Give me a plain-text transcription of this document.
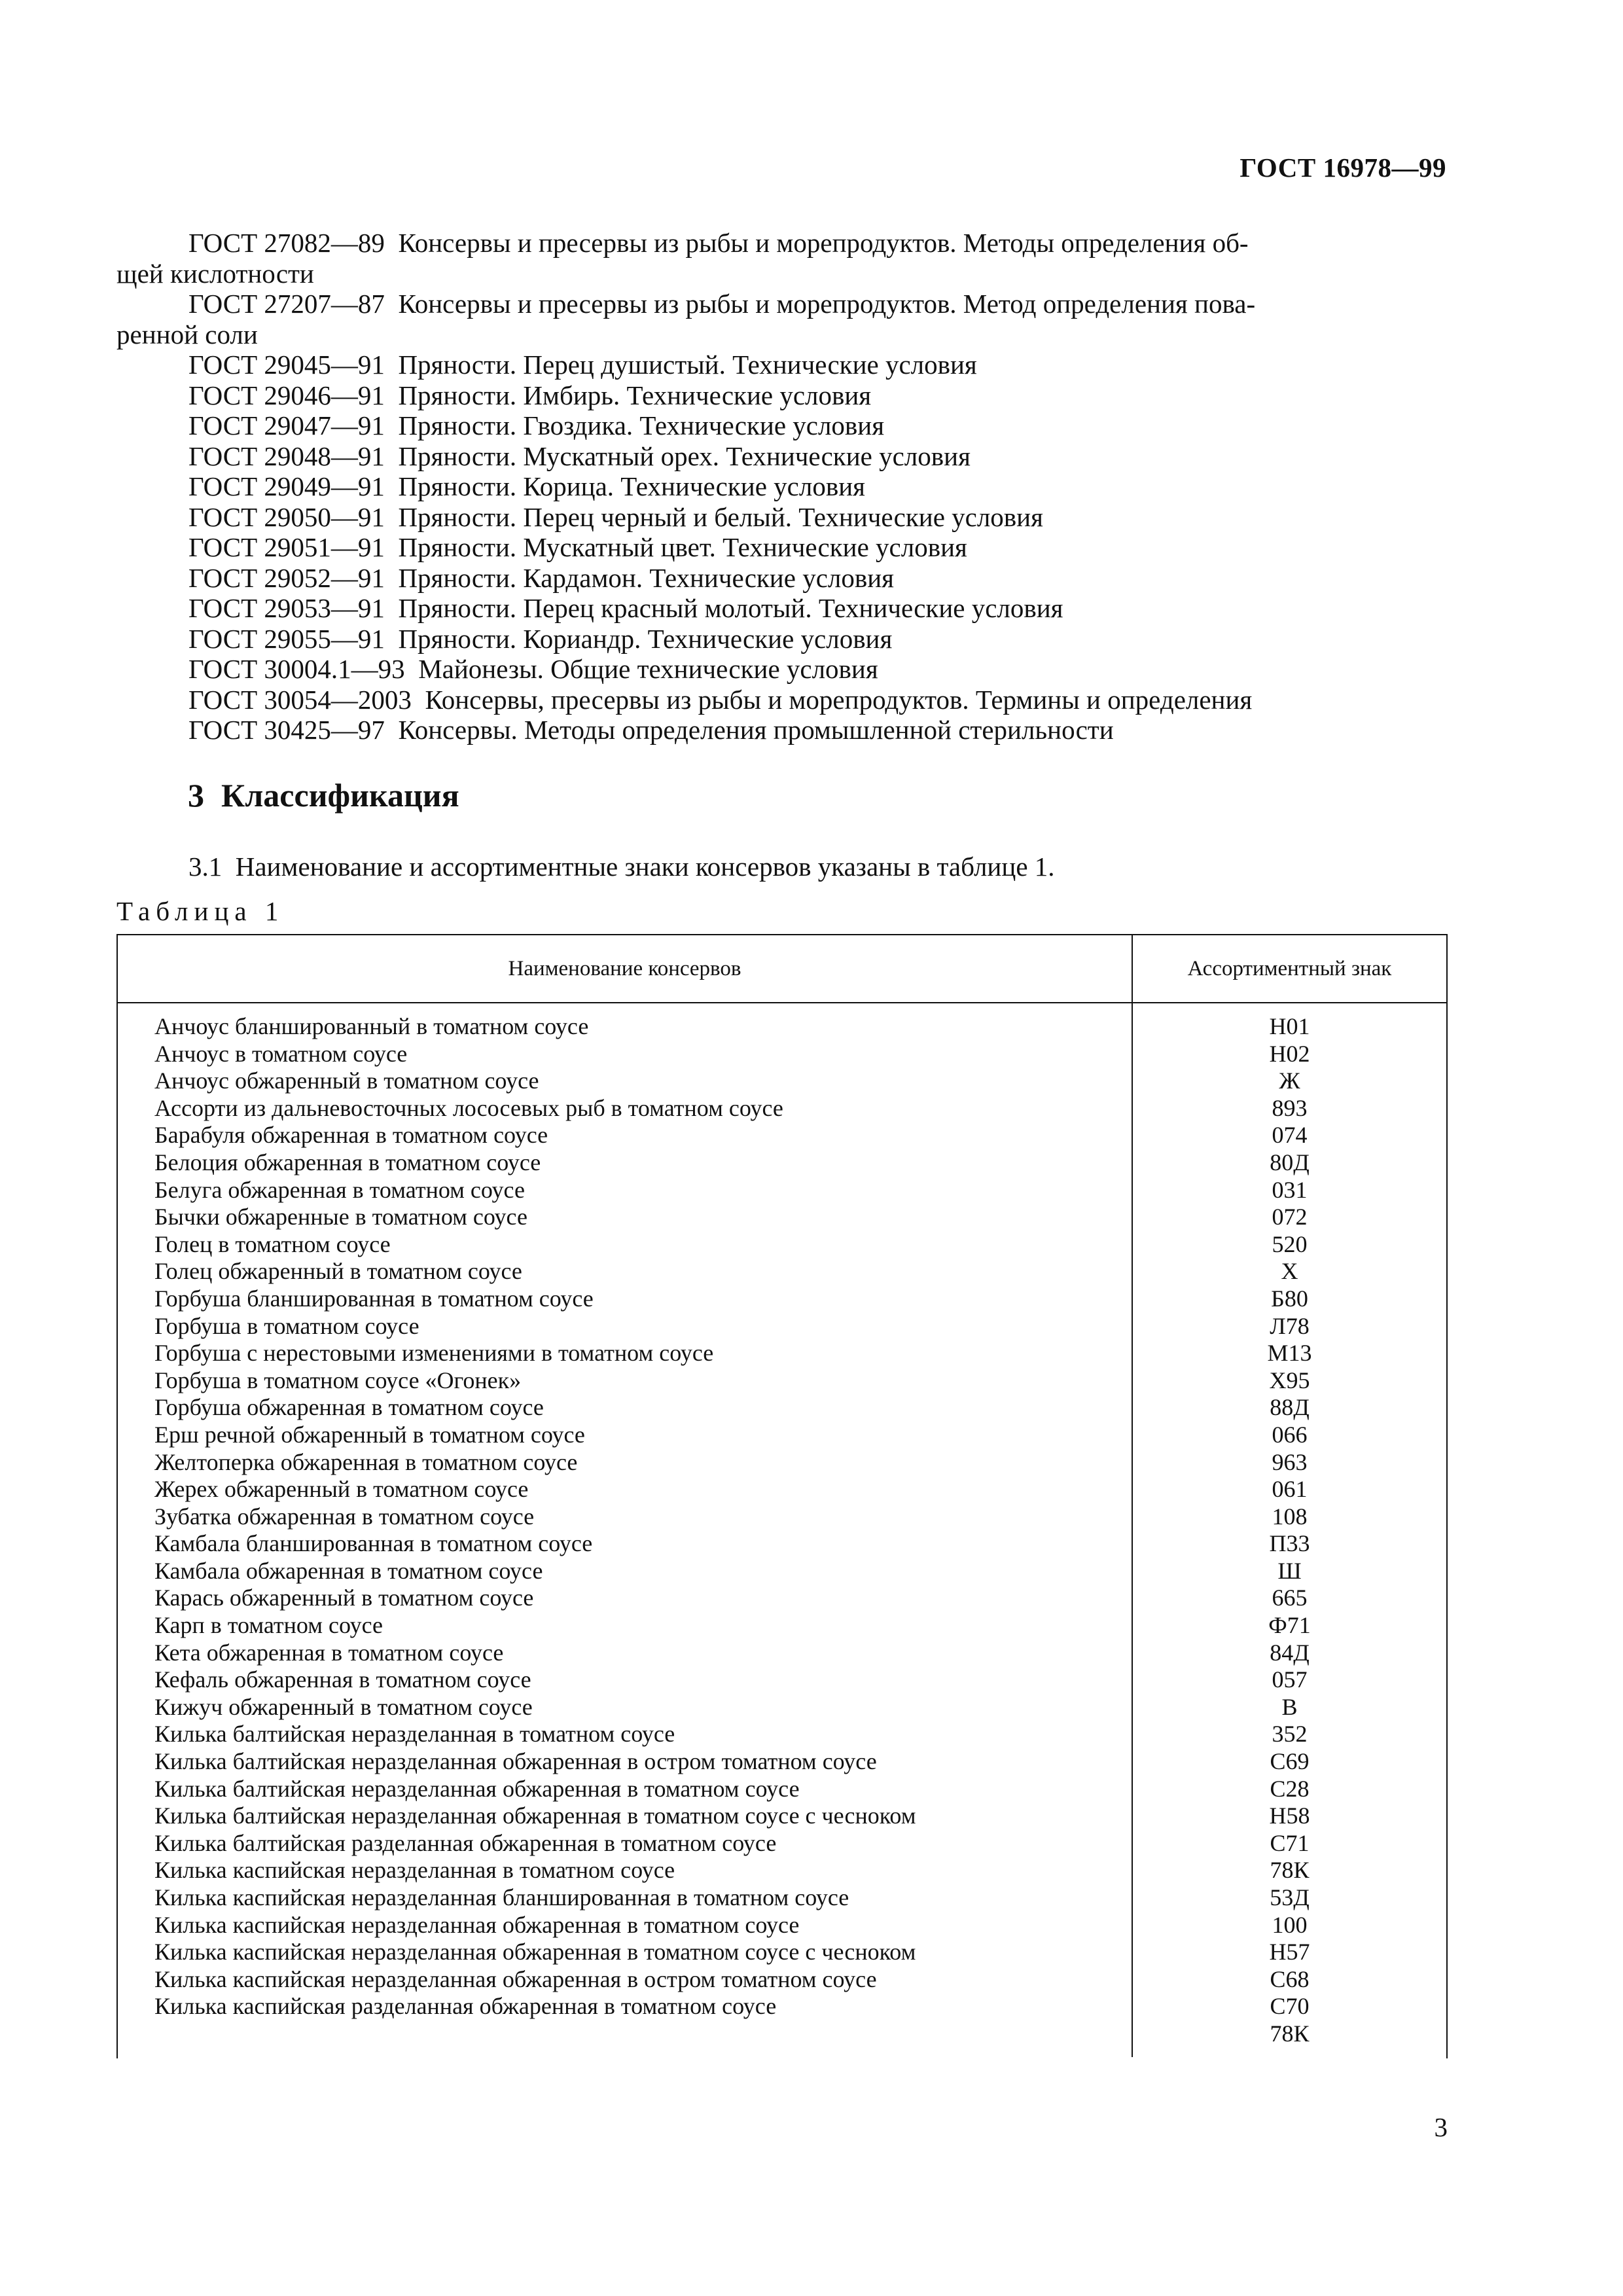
ГОСТ 16978—99
ГОСТ 27082—89
Консервы и пресервы из рыбы и морепродуктов. Методы определения об-
щей кислотности
ГОСТ 27207—87
Консервы и пресервы из рыбы и морепродуктов. Метод определения пова-
ренной соли
ГОСТ 29045—91
Пряности. Перец душистый. Технические условия
ГОСТ 29046—91
Пряности. Имбирь. Технические условия
ГОСТ 29047—91
Пряности. Гвоздика. Технические условия
ГОСТ 29048—91
Пряности. Мускатный орех. Технические условия
ГОСТ 29049—91
Пряности. Корица. Технические условия
ГОСТ 29050—91
Пряности. Перец черный и белый. Технические условия
ГОСТ 29051—91
Пряности. Мускатный цвет. Технические условия
ГОСТ 29052—91
Пряности. Кардамон. Технические условия
ГОСТ 29053—91
Пряности. Перец красный молотый. Технические условия
ГОСТ 29055—91
Пряности. Кориандр. Технические условия
ГОСТ 30004.1—93
Майонезы. Общие технические условия
ГОСТ 30054—2003
Консервы, пресервы из рыбы и морепродуктов. Термины и определения
ГОСТ 30425—97
Консервы. Методы определения промышленной стерильности
3 Классификация
3.1 Наименование и ассортиментные знаки консервов указаны в таблице 1.
Таблица 1
Наименование консервов	Ассортиментный знак
Анчоус бланшированный в томатном соусе
Анчоус в томатном соусе
Анчоус обжаренный в томатном соусе
Ассорти из дальневосточных лососевых рыб в томатном соусе
Барабуля обжаренная в томатном соусе
Белоция обжаренная в томатном соусе
Белуга обжаренная в томатном соусе
Бычки обжаренные в томатном соусе
Голец в томатном соусе
Голец обжаренный в томатном соусе
Горбуша бланшированная в томатном соусе
Горбуша в томатном соусе
Горбуша с нерестовыми изменениями в томатном соусе
Горбуша в томатном соусе «Огонек»
Горбуша обжаренная в томатном соусе
Ерш речной обжаренный в томатном соусе
Желтоперка обжаренная в томатном соусе
Жерех обжаренный в томатном соусе
Зубатка обжаренная в томатном соусе
Камбала бланшированная в томатном соусе
Камбала обжаренная в томатном соусе
Карась обжаренный в томатном соусе
Карп в томатном соусе
Кета обжаренная в томатном соусе
Кефаль обжаренная в томатном соусе
Кижуч обжаренный в томатном соусе
Килька балтийская неразделанная в томатном соусе
Килька балтийская неразделанная обжаренная в остром томатном соусе
Килька балтийская неразделанная обжаренная в томатном соусе
Килька балтийская неразделанная обжаренная в томатном соусе с чесноком
Килька балтийская разделанная обжаренная в томатном соусе
Килька каспийская неразделанная в томатном соусе
Килька каспийская неразделанная бланшированная в томатном соусе
Килька каспийская неразделанная обжаренная в томатном соусе
Килька каспийская неразделанная обжаренная в томатном соусе с чесноком
Килька каспийская неразделанная обжаренная в остром томатном соусе
Килька каспийская разделанная обжаренная в томатном соусе
Н01
Н02
Ж
893
074
80Д
031
072
520
Х
Б80
Л78
М13
Х95
88Д
066
963
061
108
П33
Ш
665
Ф71
84Д
057
В
352
С69
С28
Н58
С71
78К
53Д
100
Н57
С68
С70
78К
3
